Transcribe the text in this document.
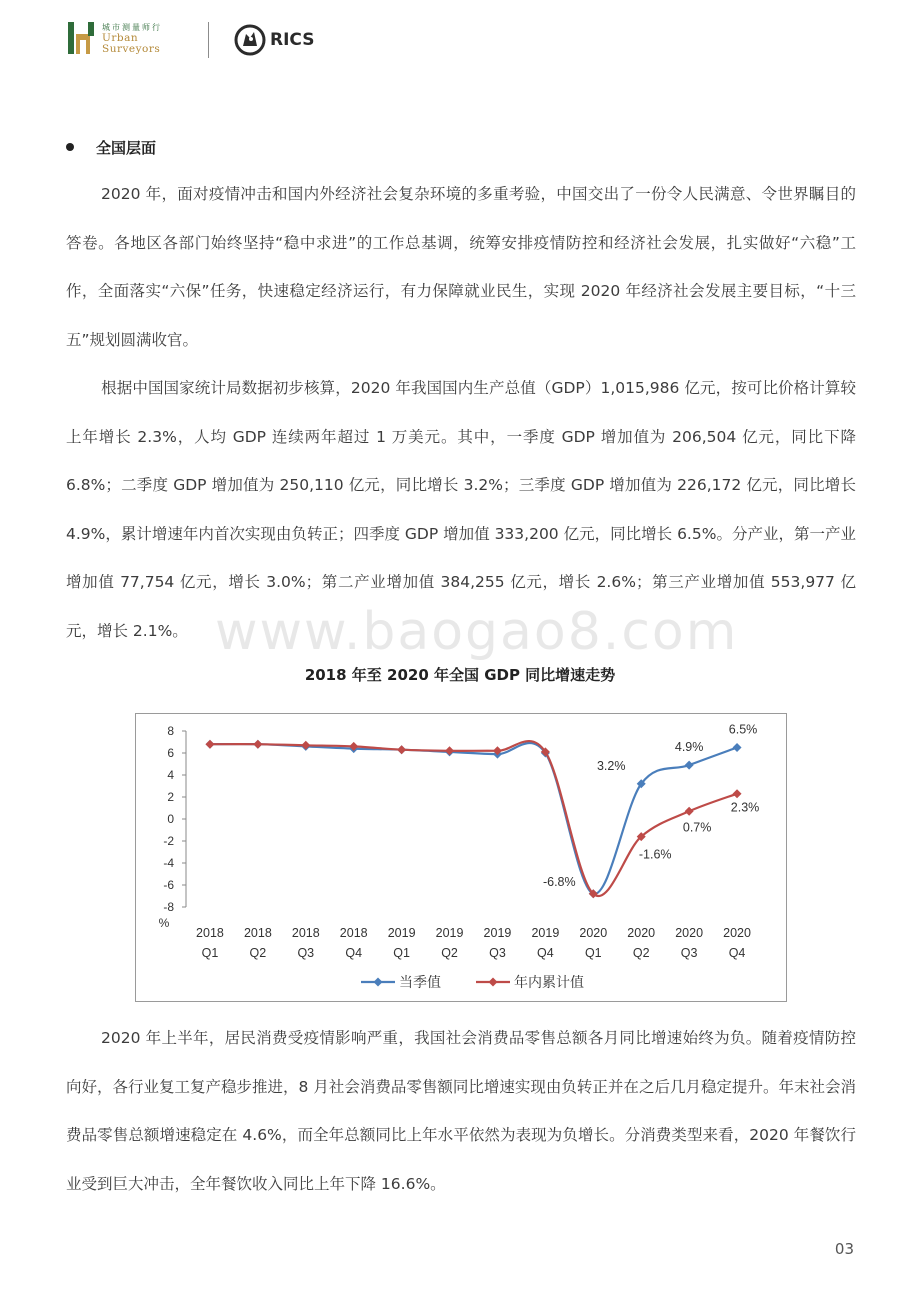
城市测量师行
Urban
Surveyors	RICS
全国层面

2020 年，面对疫情冲击和国内外经济社会复杂环境的多重考验，中国交出了一份令人民满意、令世界瞩目的答卷。各地区各部门始终坚持“稳中求进”的工作总基调，统筹安排疫情防控和经济社会发展，扎实做好“六稳”工作，全面落实“六保”任务，快速稳定经济运行，有力保障就业民生，实现 2020 年经济社会发展主要目标，“十三五”规划圆满收官。

根据中国国家统计局数据初步核算，2020 年我国国内生产总值（GDP）1,015,986 亿元，按可比价格计算较上年增长 2.3%，人均 GDP 连续两年超过 1 万美元。其中，一季度 GDP 增加值为 206,504 亿元，同比下降 6.8%；二季度 GDP 增加值为 250,110 亿元，同比增长 3.2%；三季度 GDP 增加值为 226,172 亿元，同比增长 4.9%，累计增速年内首次实现由负转正；四季度 GDP 增加值 333,200 亿元，同比增长 6.5%。分产业，第一产业增加值 77,754 亿元，增长 3.0%；第二产业增加值 384,255 亿元，增长 2.6%；第三产业增加值 553,977 亿元，增长 2.1%。 www.baogao8.com
2018 年至 2020 年全国 GDP 同比增速走势
8
6
4
2
0
-2
-4
-6
-8
%
2018
Q1
2018
Q2
2018
Q3
2018
Q4
2019
Q1
2019
Q2
2019
Q3
2019
Q4
2020
Q1
2020
Q2
2020
Q3
2020
Q4
-6.8%
3.2%
4.9%
6.5%
-1.6%
0.7%
2.3%
当季值	年内累计值

2020 年上半年，居民消费受疫情影响严重，我国社会消费品零售总额各月同比增速始终为负。随着疫情防控向好，各行业复工复产稳步推进，8 月社会消费品零售额同比增速实现由负转正并在之后几月稳定提升。年末社会消费品零售总额增速稳定在 4.6%，而全年总额同比上年水平依然为表现为负增长。分消费类型来看，2020 年餐饮行业受到巨大冲击，全年餐饮收入同比上年下降 16.6%。

03
